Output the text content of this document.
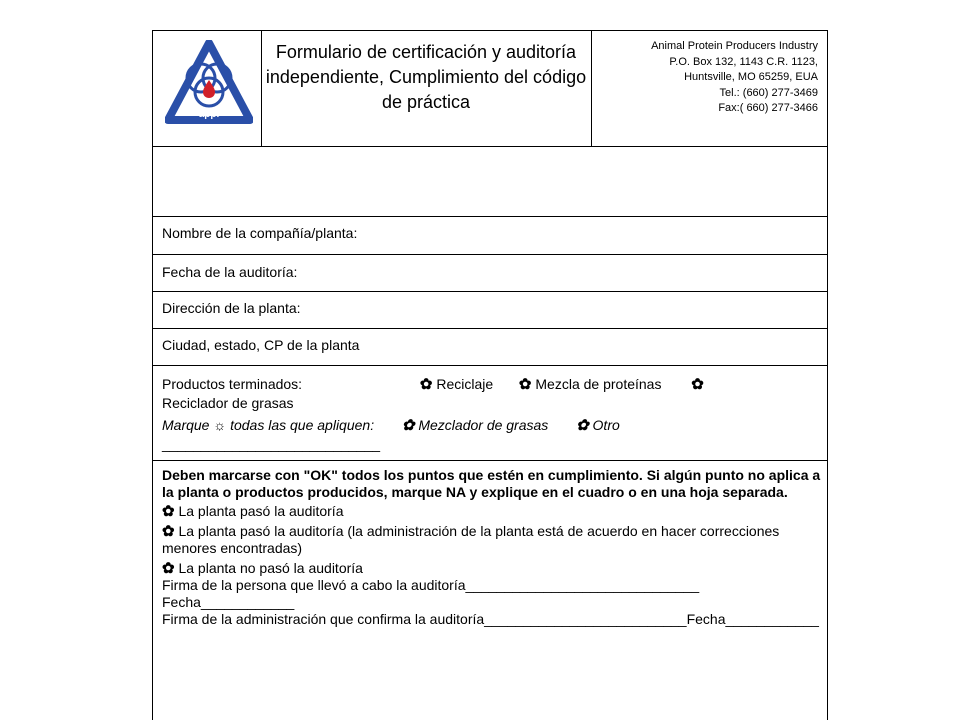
appi
Formulario de certificación y auditoría independiente, Cumplimiento del código de práctica
Animal Protein Producers Industry
P.O. Box 132, 1143 C.R. 1123,
Huntsville, MO 65259, EUA
Tel.: (660) 277-3469
Fax:( 660) 277-3466
Nombre de la compañía/planta:
Fecha de la auditoría:
Dirección de la planta:
Ciudad, estado, CP de la planta
Productos terminados:	✿ Reciclaje ✿ Mezcla de proteínas ✿
Reciclador de grasas
Marque ☼ todas las que apliquen: ✿ Mezclador de grasas ✿ Otro
____________________________
Deben marcarse con "OK" todos los puntos que estén en cumplimiento. Si algún punto no aplica a la planta o productos producidos, marque NA y explique en el cuadro o en una hoja separada.
✿ La planta pasó la auditoría
✿ La planta pasó la auditoría (la administración de la planta está de acuerdo en hacer correcciones menores encontradas)
✿ La planta no pasó la auditoría
Firma de la persona que llevó a cabo la auditoría______________________________ Fecha____________
Firma de la administración que confirma la auditoría__________________________Fecha____________
